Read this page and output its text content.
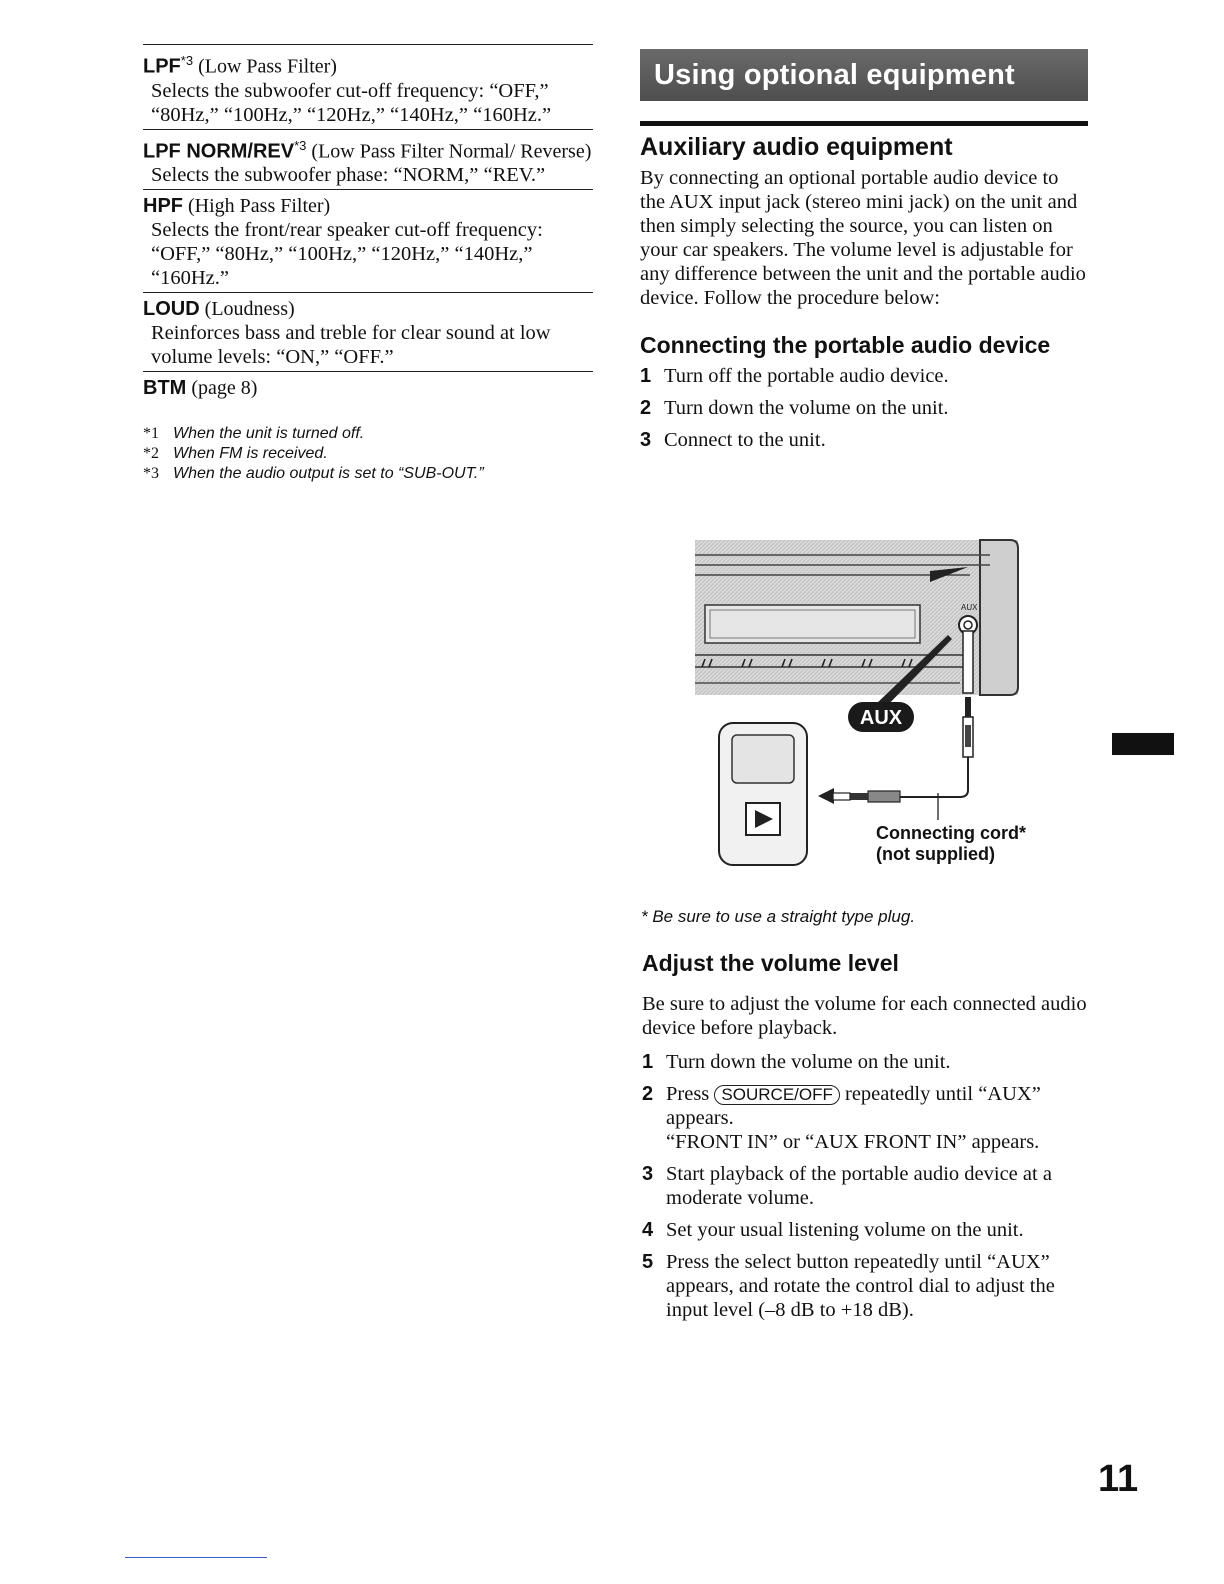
LPF$^{*3}$ (Low Pass Filter)
Selects the subwoofer cut-off frequency: “OFF,” “80Hz,” “100Hz,” “120Hz,” “140Hz,” “160Hz.”
LPF NORM/REV$^{*3}$ (Low Pass Filter Normal/ Reverse)
Selects the subwoofer phase: “NORM,” “REV.”
HPF (High Pass Filter)
Selects the front/rear speaker cut-off frequency: “OFF,” “80Hz,” “100Hz,” “120Hz,” “140Hz,” “160Hz.”
LOUD (Loudness)
Reinforces bass and treble for clear sound at low volume levels: “ON,” “OFF.”
BTM (page 8)
*1 When the unit is turned off.
*2 When FM is received.
*3 When the audio output is set to “SUB-OUT.”
Using optional equipment
Auxiliary audio equipment

By connecting an optional portable audio device to the AUX input jack (stereo mini jack) on the unit and then simply selecting the source, you can listen on your car speakers. The volume level is adjustable for any difference between the unit and the portable audio device. Follow the procedure below:

Connecting the portable audio device
1 Turn off the portable audio device.
2 Turn down the volume on the unit.
3 Connect to the unit.
AUX
AUX
Connecting cord*
(not supplied)
* Be sure to use a straight type plug.
Adjust the volume level

Be sure to adjust the volume for each connected audio device before playback.

1 Turn down the volume on the unit.
2 Press SOURCE/OFF repeatedly until “AUX” appears.
“FRONT IN” or “AUX FRONT IN” appears.
3 Start playback of the portable audio device at a moderate volume.
4 Set your usual listening volume on the unit.
5 Press the select button repeatedly until “AUX” appears, and rotate the control dial to adjust the input level (–8 dB to +18 dB).
11
